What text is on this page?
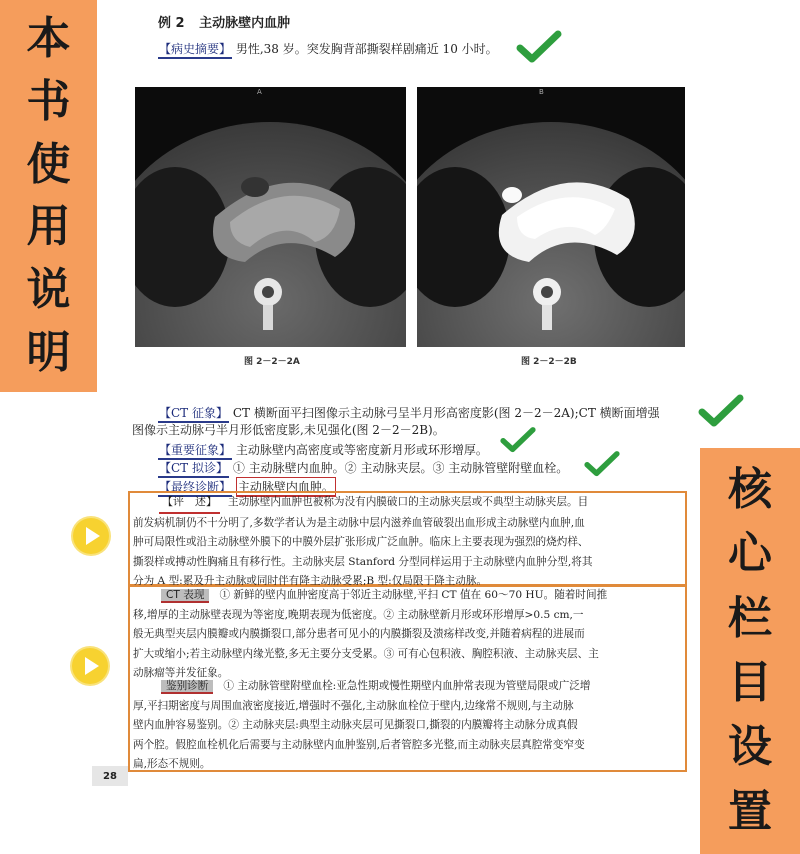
本
书
使
用
说
明
例 2 主动脉壁内血肿
【病史摘要】 男性,38 岁。突发胸背部撕裂样剧痛近 10 小时。
A
图 2－2－2A
B
图 2－2－2B
【CT 征象】 CT 横断面平扫图像示主动脉弓呈半月形高密度影(图 2－2－2A);CT 横断面增强
图像示主动脉弓半月形低密度影,未见强化(图 2－2－2B)。
【重要征象】 主动脉壁内高密度或等密度新月形或环形增厚。
【CT 拟诊】 ① 主动脉壁内血肿。② 主动脉夹层。③ 主动脉管壁附壁血栓。
【最终诊断】 主动脉壁内血肿。
【评　述】 主动脉壁内血肿也被称为没有内膜破口的主动脉夹层或不典型主动脉夹层。目
前发病机制仍不十分明了,多数学者认为是主动脉中层内滋养血管破裂出血形成主动脉壁内血肿,血
肿可局限性或沿主动脉壁外膜下的中膜外层扩张形成广泛血肿。临床上主要表现为强烈的烧灼样、
撕裂样或搏动性胸痛且有移行性。主动脉夹层 Stanford 分型同样运用于主动脉壁内血肿分型,将其
分为 A 型:累及升主动脉或同时伴有降主动脉受累;B 型:仅局限于降主动脉。
CT 表现 ① 新鲜的壁内血肿密度高于邻近主动脉壁,平扫 CT 值在 60～70 HU。随着时间推
移,增厚的主动脉壁表现为等密度,晚期表现为低密度。② 主动脉壁新月形或环形增厚>0.5 cm,一
般无典型夹层内膜瓣或内膜撕裂口,部分患者可见小的内膜撕裂及溃疡样改变,并随着病程的进展而
扩大或缩小;若主动脉壁内缘光整,多无主要分支受累。③ 可有心包积液、胸腔积液、主动脉夹层、主
动脉瘤等并发征象。
鉴别诊断 ① 主动脉管壁附壁血栓:亚急性期或慢性期壁内血肿常表现为管壁局限或广泛增
厚,平扫期密度与周围血液密度接近,增强时不强化,主动脉血栓位于壁内,边缘常不规则,与主动脉
壁内血肿容易鉴别。② 主动脉夹层:典型主动脉夹层可见撕裂口,撕裂的内膜瓣将主动脉分成真假
两个腔。假腔血栓机化后需要与主动脉壁内血肿鉴别,后者管腔多光整,而主动脉夹层真腔常变窄变
扁,形态不规则。
28
核
心
栏
目
设
置
